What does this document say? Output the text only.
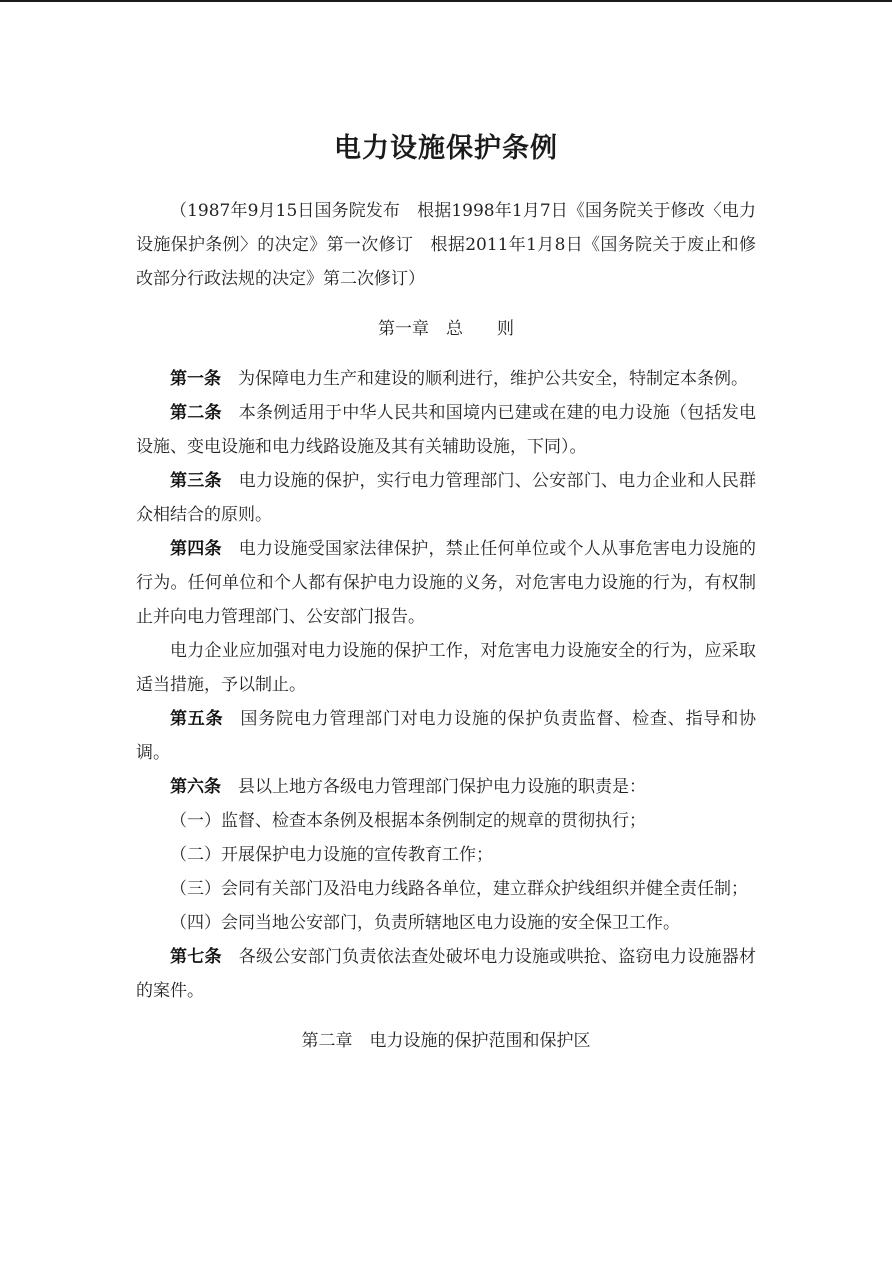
电力设施保护条例

（1987年9月15日国务院发布　根据1998年1月7日《国务院关于修改〈电力设施保护条例〉的决定》第一次修订　根据2011年1月8日《国务院关于废止和修改部分行政法规的决定》第二次修订）

第一章　总　　则

第一条 为保障电力生产和建设的顺利进行，维护公共安全，特制定本条例。

第二条 本条例适用于中华人民共和国境内已建或在建的电力设施（包括发电设施、变电设施和电力线路设施及其有关辅助设施，下同）。

第三条 电力设施的保护，实行电力管理部门、公安部门、电力企业和人民群众相结合的原则。

第四条 电力设施受国家法律保护，禁止任何单位或个人从事危害电力设施的行为。任何单位和个人都有保护电力设施的义务，对危害电力设施的行为，有权制止并向电力管理部门、公安部门报告。

电力企业应加强对电力设施的保护工作，对危害电力设施安全的行为，应采取适当措施，予以制止。

第五条 国务院电力管理部门对电力设施的保护负责监督、检查、指导和协调。

第六条 县以上地方各级电力管理部门保护电力设施的职责是：

（一）监督、检查本条例及根据本条例制定的规章的贯彻执行；

（二）开展保护电力设施的宣传教育工作；

（三）会同有关部门及沿电力线路各单位，建立群众护线组织并健全责任制；

（四）会同当地公安部门，负责所辖地区电力设施的安全保卫工作。

第七条 各级公安部门负责依法查处破坏电力设施或哄抢、盗窃电力设施器材的案件。

第二章　电力设施的保护范围和保护区
